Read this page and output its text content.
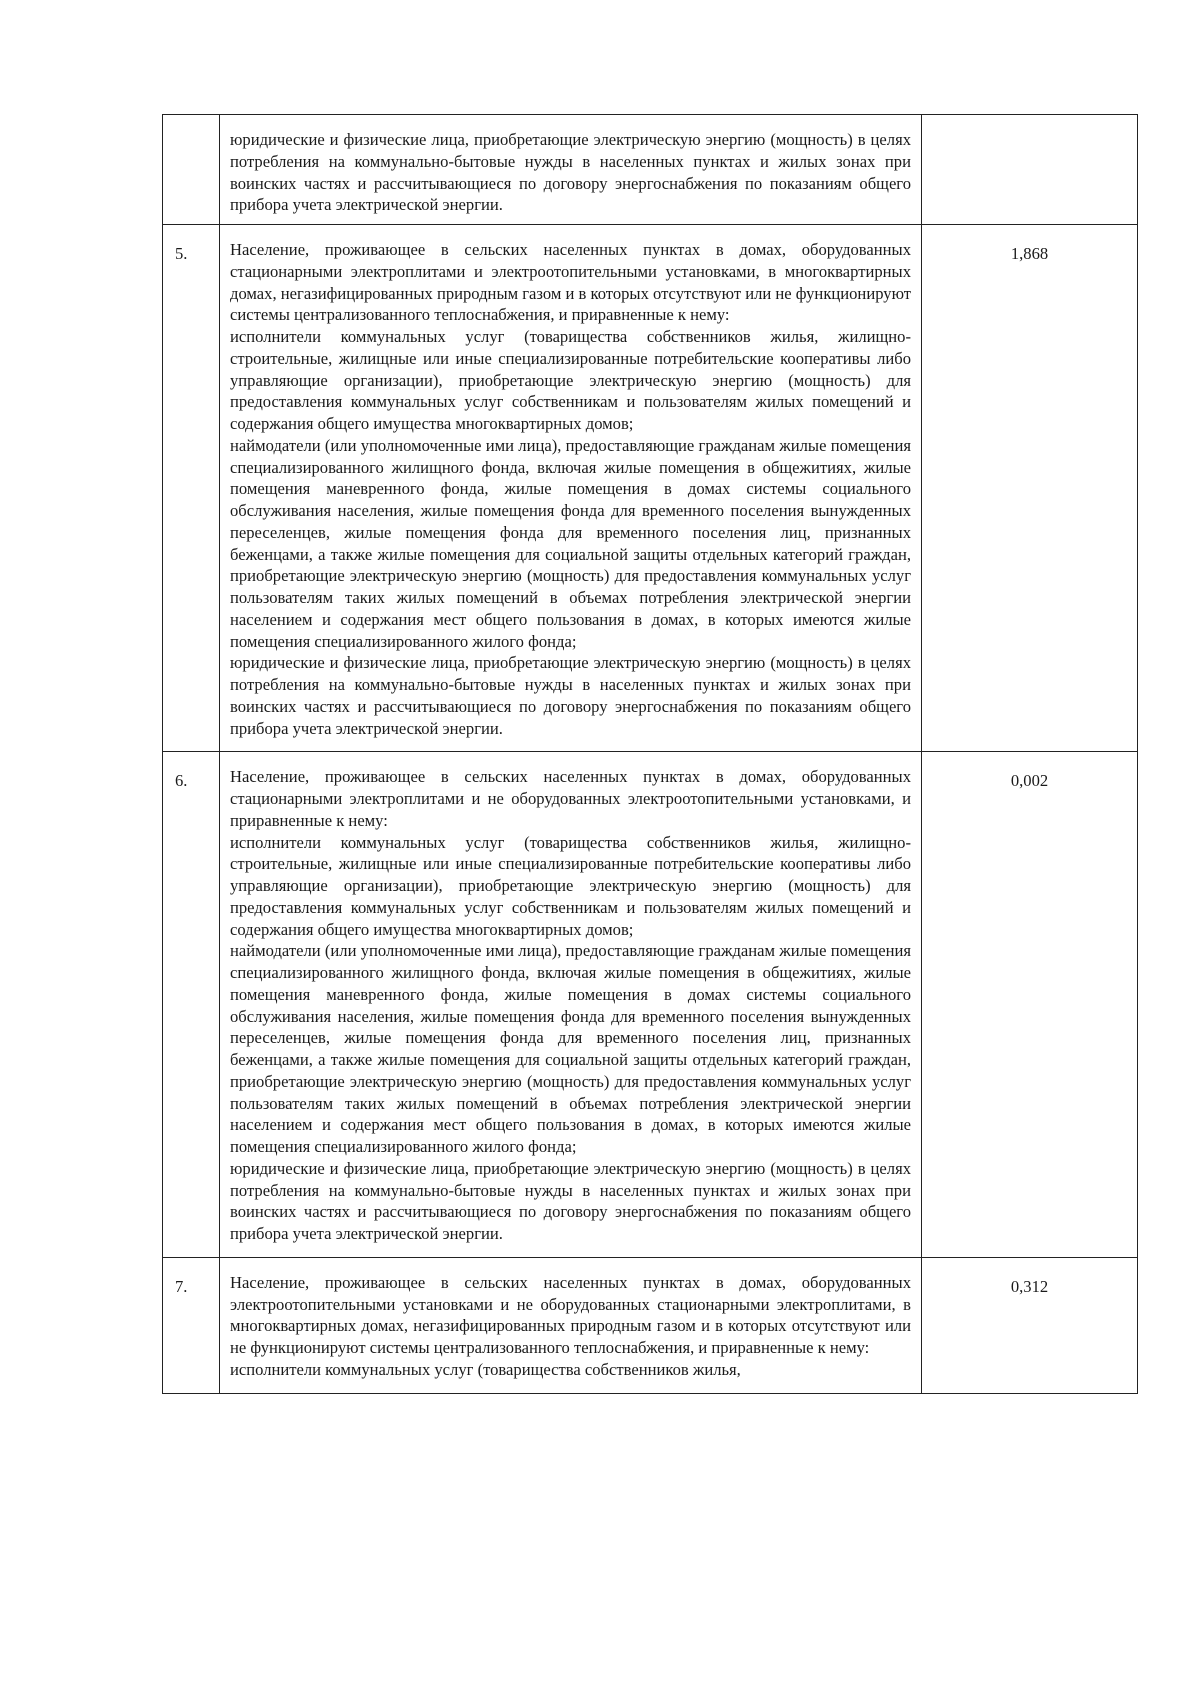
	юридические и физические лица, приобретающие электрическую энергию (мощность) в целях потребления на коммунально-бытовые нужды в населенных пунктах и жилых зонах при воинских частях и рассчитывающиеся по договору энергоснабжения по показаниям общего прибора учета электрической энергии.	

5.	Население, проживающее в сельских населенных пунктах в домах, оборудованных стационарными электроплитами и электроотопительными установками, в многоквартирных домах, негазифицированных природным газом и в которых отсутствуют или не функционируют системы централизованного теплоснабжения, и приравненные к нему:

исполнители коммунальных услуг (товарищества собственников жилья, жилищно-строительные, жилищные или иные специализированные потребительские кооперативы либо управляющие организации), приобретающие электрическую энергию (мощность) для предоставления коммунальных услуг собственникам и пользователям жилых помещений и содержания общего имущества многоквартирных домов;

наймодатели (или уполномоченные ими лица), предоставляющие гражданам жилые помещения специализированного жилищного фонда, включая жилые помещения в общежитиях, жилые помещения маневренного фонда, жилые помещения в домах системы социального обслуживания населения, жилые помещения фонда для временного поселения вынужденных переселенцев, жилые помещения фонда для временного поселения лиц, признанных беженцами, а также жилые помещения для социальной защиты отдельных категорий граждан, приобретающие электрическую энергию (мощность) для предоставления коммунальных услуг пользователям таких жилых помещений в объемах потребления электрической энергии населением и содержания мест общего пользования в домах, в которых имеются жилые помещения специализированного жилого фонда;

юридические и физические лица, приобретающие электрическую энергию (мощность) в целях потребления на коммунально-бытовые нужды в населенных пунктах и жилых зонах при воинских частях и рассчитывающиеся по договору энергоснабжения по показаниям общего прибора учета электрической энергии.	1,868

6.	Население, проживающее в сельских населенных пунктах в домах, оборудованных стационарными электроплитами и не оборудованных электроотопительными установками, и приравненные к нему:

исполнители коммунальных услуг (товарищества собственников жилья, жилищно-строительные, жилищные или иные специализированные потребительские кооперативы либо управляющие организации), приобретающие электрическую энергию (мощность) для предоставления коммунальных услуг собственникам и пользователям жилых помещений и содержания общего имущества многоквартирных домов;

наймодатели (или уполномоченные ими лица), предоставляющие гражданам жилые помещения специализированного жилищного фонда, включая жилые помещения в общежитиях, жилые помещения маневренного фонда, жилые помещения в домах системы социального обслуживания населения, жилые помещения фонда для временного поселения вынужденных переселенцев, жилые помещения фонда для временного поселения лиц, признанных беженцами, а также жилые помещения для социальной защиты отдельных категорий граждан, приобретающие электрическую энергию (мощность) для предоставления коммунальных услуг пользователям таких жилых помещений в объемах потребления электрической энергии населением и содержания мест общего пользования в домах, в которых имеются жилые помещения специализированного жилого фонда;

юридические и физические лица, приобретающие электрическую энергию (мощность) в целях потребления на коммунально-бытовые нужды в населенных пунктах и жилых зонах при воинских частях и рассчитывающиеся по договору энергоснабжения по показаниям общего прибора учета электрической энергии.	0,002

7.	Население, проживающее в сельских населенных пунктах в домах, оборудованных электроотопительными установками и не оборудованных стационарными электроплитами, в многоквартирных домах, негазифицированных природным газом и в которых отсутствуют или не функционируют системы централизованного теплоснабжения, и приравненные к нему:

исполнители коммунальных услуг (товарищества собственников жилья,	0,312
